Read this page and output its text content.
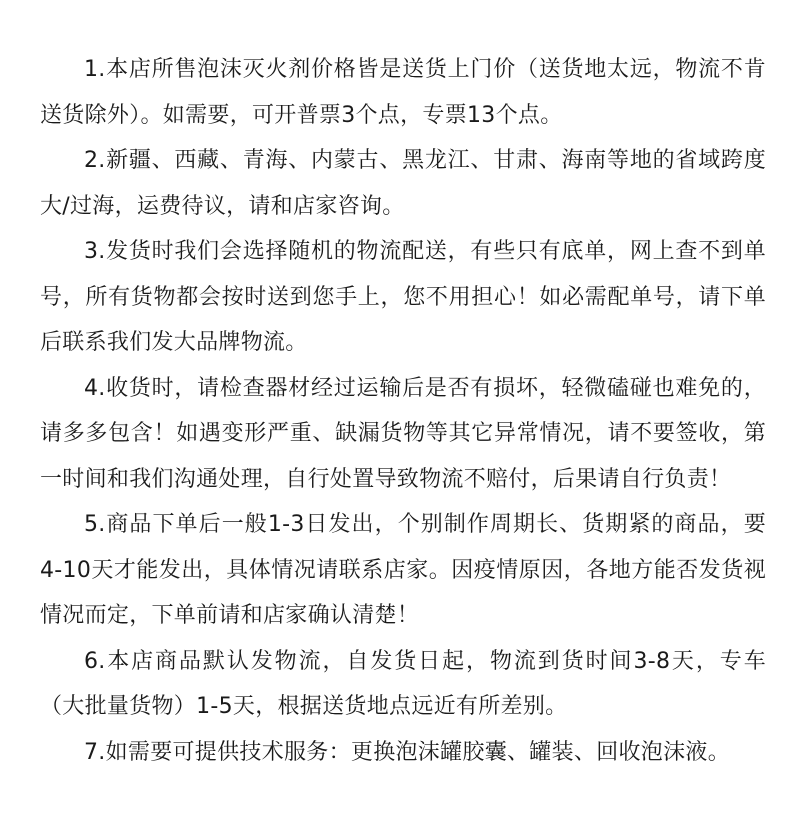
1.本店所售泡沫灭火剂价格皆是送货上门价（送货地太远，物流不肯送货除外）。如需要，可开普票3个点，专票13个点。

2.新疆、西藏、青海、内蒙古、黑龙江、甘肃、海南等地的省域跨度大/过海，运费待议，请和店家咨询。

3.发货时我们会选择随机的物流配送，有些只有底单，网上查不到单号，所有货物都会按时送到您手上，您不用担心！如必需配单号，请下单后联系我们发大品牌物流。

4.收货时，请检查器材经过运输后是否有损坏，轻微磕碰也难免的，请多多包含！如遇变形严重、缺漏货物等其它异常情况，请不要签收，第一时间和我们沟通处理，自行处置导致物流不赔付，后果请自行负责！

5.商品下单后一般1-3日发出，个别制作周期长、货期紧的商品，要4-10天才能发出，具体情况请联系店家。因疫情原因，各地方能否发货视情况而定，下单前请和店家确认清楚！

6.本店商品默认发物流，自发货日起，物流到货时间3-8天，专车（大批量货物）1-5天，根据送货地点远近有所差别。

7.如需要可提供技术服务：更换泡沫罐胶囊、罐装、回收泡沫液。
